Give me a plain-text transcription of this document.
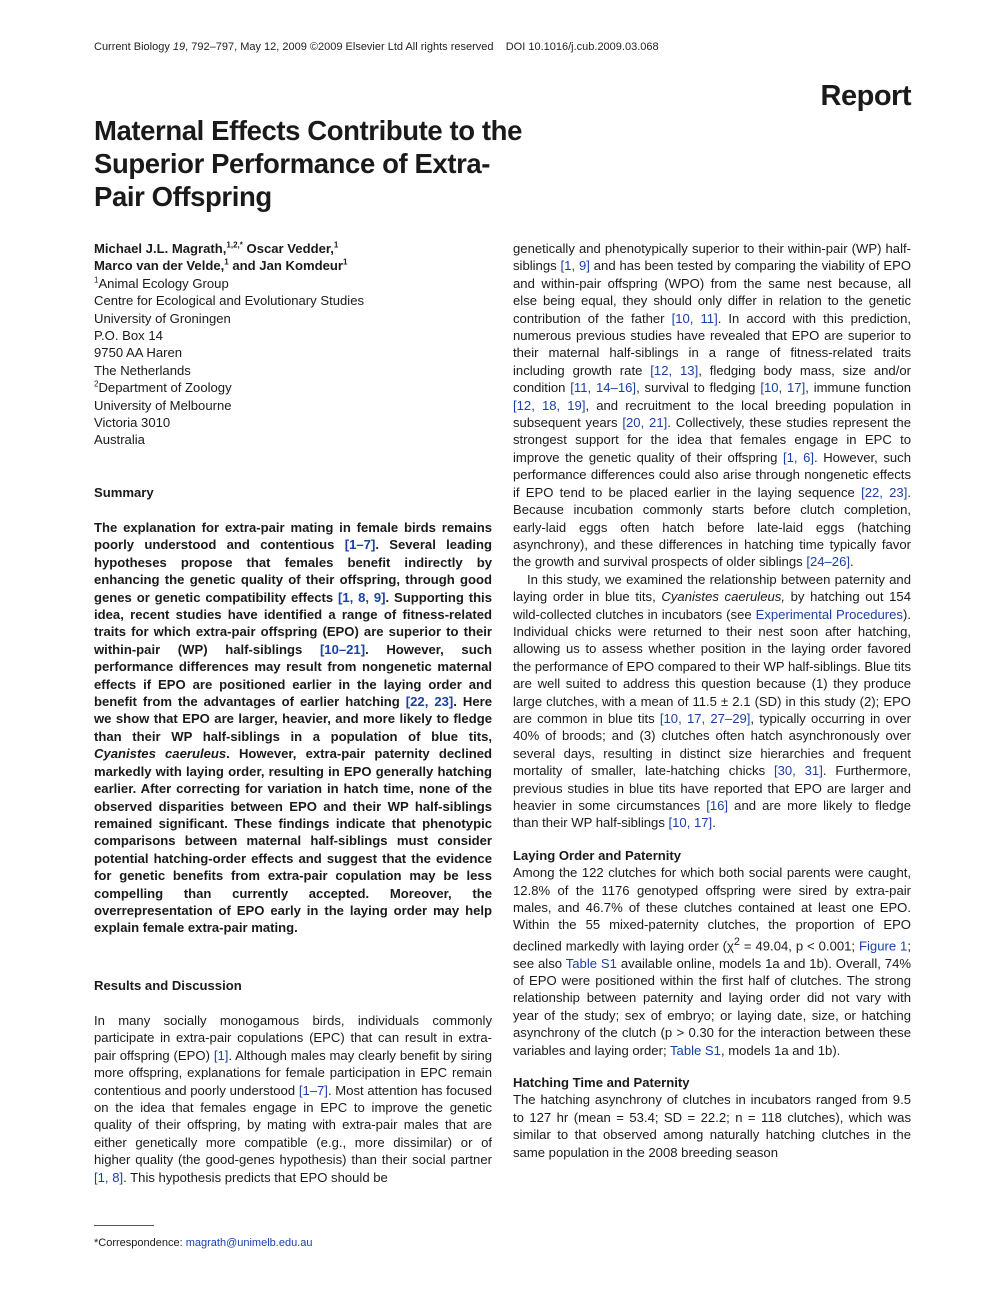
Current Biology 19, 792–797, May 12, 2009 ©2009 Elsevier Ltd All rights reserved DOI 10.1016/j.cub.2009.03.068
Report
Maternal Effects Contribute to the Superior Performance of Extra-Pair Offspring
Michael J.L. Magrath,$^{1,2,*}$ Oscar Vedder,$^1$
Marco van der Velde,$^1$ and Jan Komdeur$^1$
$^1$Animal Ecology Group
Centre for Ecological and Evolutionary Studies
University of Groningen
P.O. Box 14
9750 AA Haren
The Netherlands
$^2$Department of Zoology
University of Melbourne
Victoria 3010
Australia
Summary

The explanation for extra-pair mating in female birds remains poorly understood and contentious [1–7]. Several leading hypotheses propose that females benefit indirectly by enhancing the genetic quality of their offspring, through good genes or genetic compatibility effects [1, 8, 9]. Supporting this idea, recent studies have identified a range of fitness-related traits for which extra-pair offspring (EPO) are superior to their within-pair (WP) half-siblings [10–21]. However, such performance differences may result from nongenetic maternal effects if EPO are positioned earlier in the laying order and benefit from the advantages of earlier hatching [22, 23]. Here we show that EPO are larger, heavier, and more likely to fledge than their WP half-siblings in a population of blue tits, Cyanistes caeruleus. However, extra-pair paternity declined markedly with laying order, resulting in EPO generally hatching earlier. After correcting for variation in hatch time, none of the observed disparities between EPO and their WP half-siblings remained significant. These findings indicate that phenotypic comparisons between maternal half-siblings must consider potential hatching-order effects and suggest that the evidence for genetic benefits from extra-pair copulation may be less compelling than currently accepted. Moreover, the overrepresentation of EPO early in the laying order may help explain female extra-pair mating.

Results and Discussion

In many socially monogamous birds, individuals commonly participate in extra-pair copulations (EPC) that can result in extra-pair offspring (EPO) [1]. Although males may clearly benefit by siring more offspring, explanations for female participation in EPC remain contentious and poorly understood [1–7]. Most attention has focused on the idea that females engage in EPC to improve the genetic quality of their offspring, by mating with extra-pair males that are either genetically more compatible (e.g., more dissimilar) or of higher quality (the good-genes hypothesis) than their social partner [1, 8]. This hypothesis predicts that EPO should be

genetically and phenotypically superior to their within-pair (WP) half-siblings [1, 9] and has been tested by comparing the viability of EPO and within-pair offspring (WPO) from the same nest because, all else being equal, they should only differ in relation to the genetic contribution of the father [10, 11]. In accord with this prediction, numerous previous studies have revealed that EPO are superior to their maternal half-siblings in a range of fitness-related traits including growth rate [12, 13], fledging body mass, size and/or condition [11, 14–16], survival to fledging [10, 17], immune function [12, 18, 19], and recruitment to the local breeding population in subsequent years [20, 21]. Collectively, these studies represent the strongest support for the idea that females engage in EPC to improve the genetic quality of their offspring [1, 6]. However, such performance differences could also arise through nongenetic effects if EPO tend to be placed earlier in the laying sequence [22, 23]. Because incubation commonly starts before clutch completion, early-laid eggs often hatch before late-laid eggs (hatching asynchrony), and these differences in hatching time typically favor the growth and survival prospects of older siblings [24–26].

In this study, we examined the relationship between paternity and laying order in blue tits, Cyanistes caeruleus, by hatching out 154 wild-collected clutches in incubators (see Experimental Procedures). Individual chicks were returned to their nest soon after hatching, allowing us to assess whether position in the laying order favored the performance of EPO compared to their WP half-siblings. Blue tits are well suited to address this question because (1) they produce large clutches, with a mean of 11.5 ± 2.1 (SD) in this study (2); EPO are common in blue tits [10, 17, 27–29], typically occurring in over 40% of broods; and (3) clutches often hatch asynchronously over several days, resulting in distinct size hierarchies and frequent mortality of smaller, late-hatching chicks [30, 31]. Furthermore, previous studies in blue tits have reported that EPO are larger and heavier in some circumstances [16] and are more likely to fledge than their WP half-siblings [10, 17].

Laying Order and Paternity

Among the 122 clutches for which both social parents were caught, 12.8% of the 1176 genotyped offspring were sired by extra-pair males, and 46.7% of these clutches contained at least one EPO. Within the 55 mixed-paternity clutches, the proportion of EPO declined markedly with laying order ($\chi^2 = 49.04$, p < 0.001; Figure 1; see also Table S1 available online, models 1a and 1b). Overall, 74% of EPO were positioned within the first half of clutches. The strong relationship between paternity and laying order did not vary with year of the study; sex of embryo; or laying date, size, or hatching asynchrony of the clutch (p > 0.30 for the interaction between these variables and laying order; Table S1, models 1a and 1b).

Hatching Time and Paternity

The hatching asynchrony of clutches in incubators ranged from 9.5 to 127 hr (mean = 53.4; SD = 22.2; n = 118 clutches), which was similar to that observed among naturally hatching clutches in the same population in the 2008 breeding season

*Correspondence: magrath@unimelb.edu.au
